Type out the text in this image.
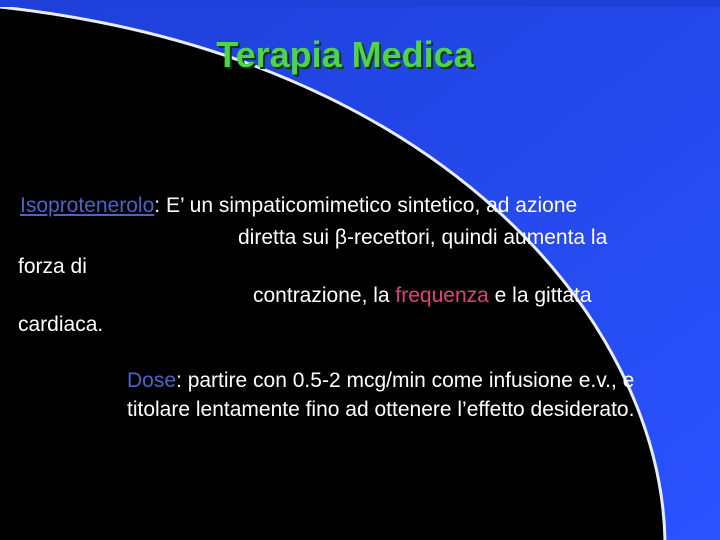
Terapia Medica
Isoprotenerolo: E’ un simpaticomimetico sintetico, ad azione
diretta sui β-recettori, quindi aumenta la
forza di
contrazione, la frequenza e la gittata
cardiaca.
Dose: partire con 0.5-2 mcg/min come infusione e.v., e titolare lentamente fino ad ottenere l’effetto desiderato.
